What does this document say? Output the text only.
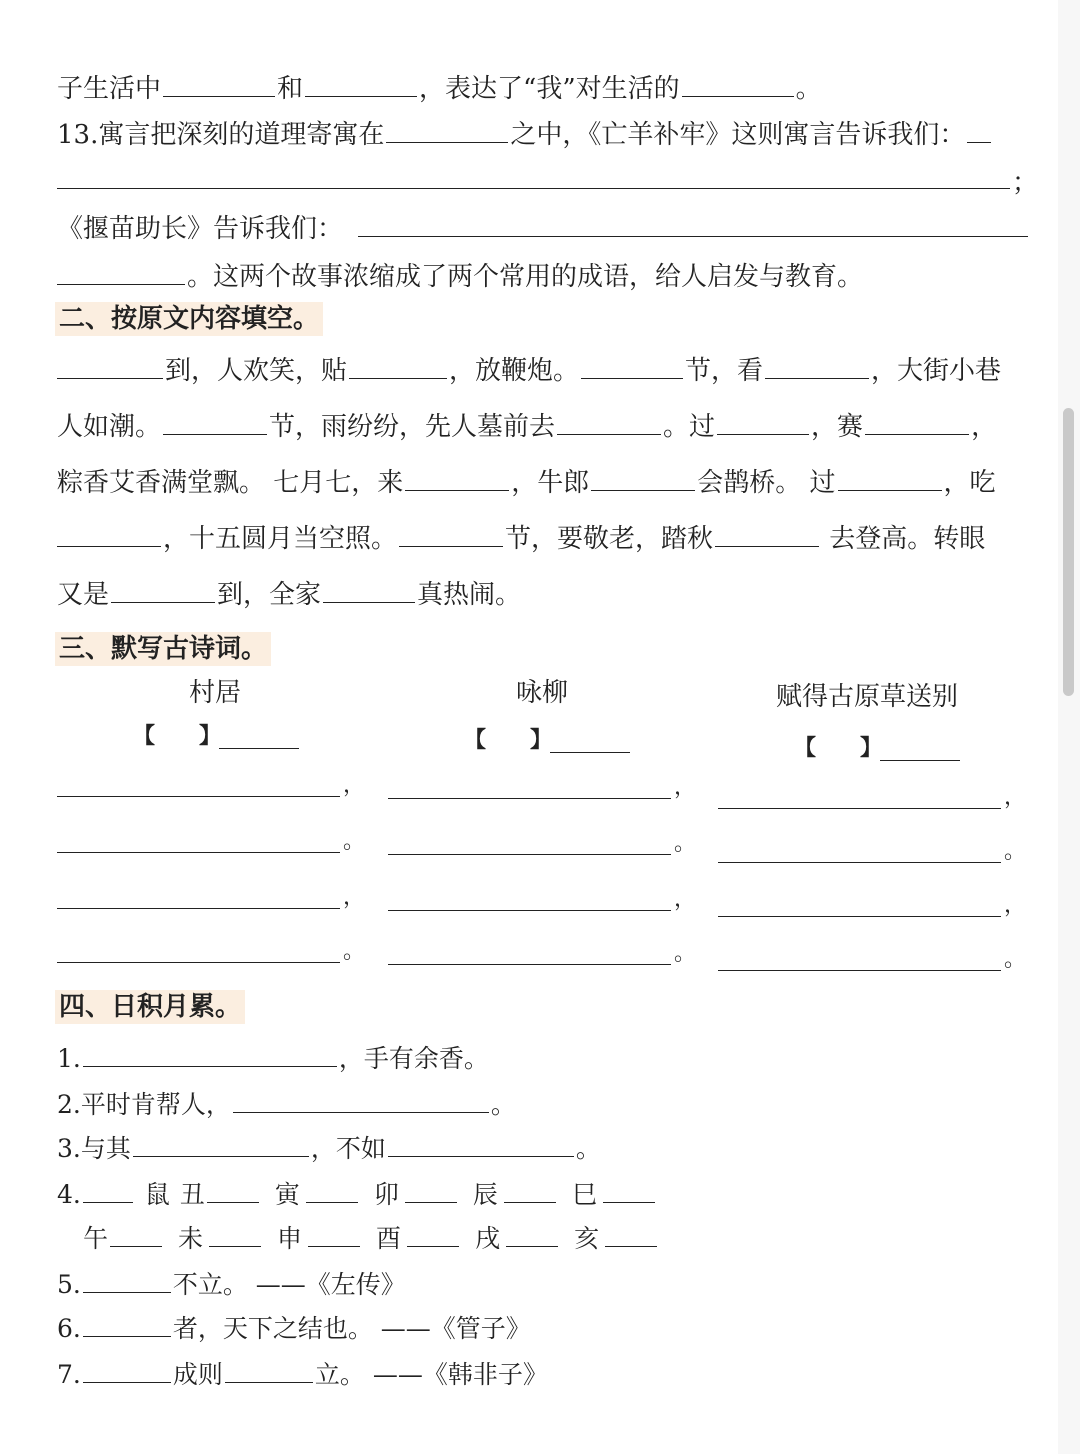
子生活中	和	，表达了“我”对生活的	。
13.寓言把深刻的道理寄寓在	之中，《亡羊补牢》这则寓言告诉我们：
；
《揠苗助长》告诉我们：
。这两个故事浓缩成了两个常用的成语，给人启发与教育。
二、按原文内容填空。
到，人欢笑，贴	，放鞭炮。	节，看	，大街小巷
人如潮。	节，雨纷纷，先人墓前去	。过	，赛	，
粽香艾香满堂飘。 七月七，来	，牛郎	会鹊桥。 过	，吃
，十五圆月当空照。	节，要敬老，踏秋	去登高。转眼
又是	到，全家	真热闹。
三、默写古诗词。
村居
【　　】
，
。
，
。
咏柳
【　　】
，
。
，
。
赋得古原草送别
【　　】
，
。
，
。
四、日积月累。
1.	，手有余香。
2.平时肯帮人，	。
3.与其	，不如	。
4.	鼠 丑	寅	卯	辰	巳
午	未	申	酉	戌	亥
5.	不立。 ——《左传》
6.	者，天下之结也。 ——《管子》
7.	成则	立。 ——《韩非子》
